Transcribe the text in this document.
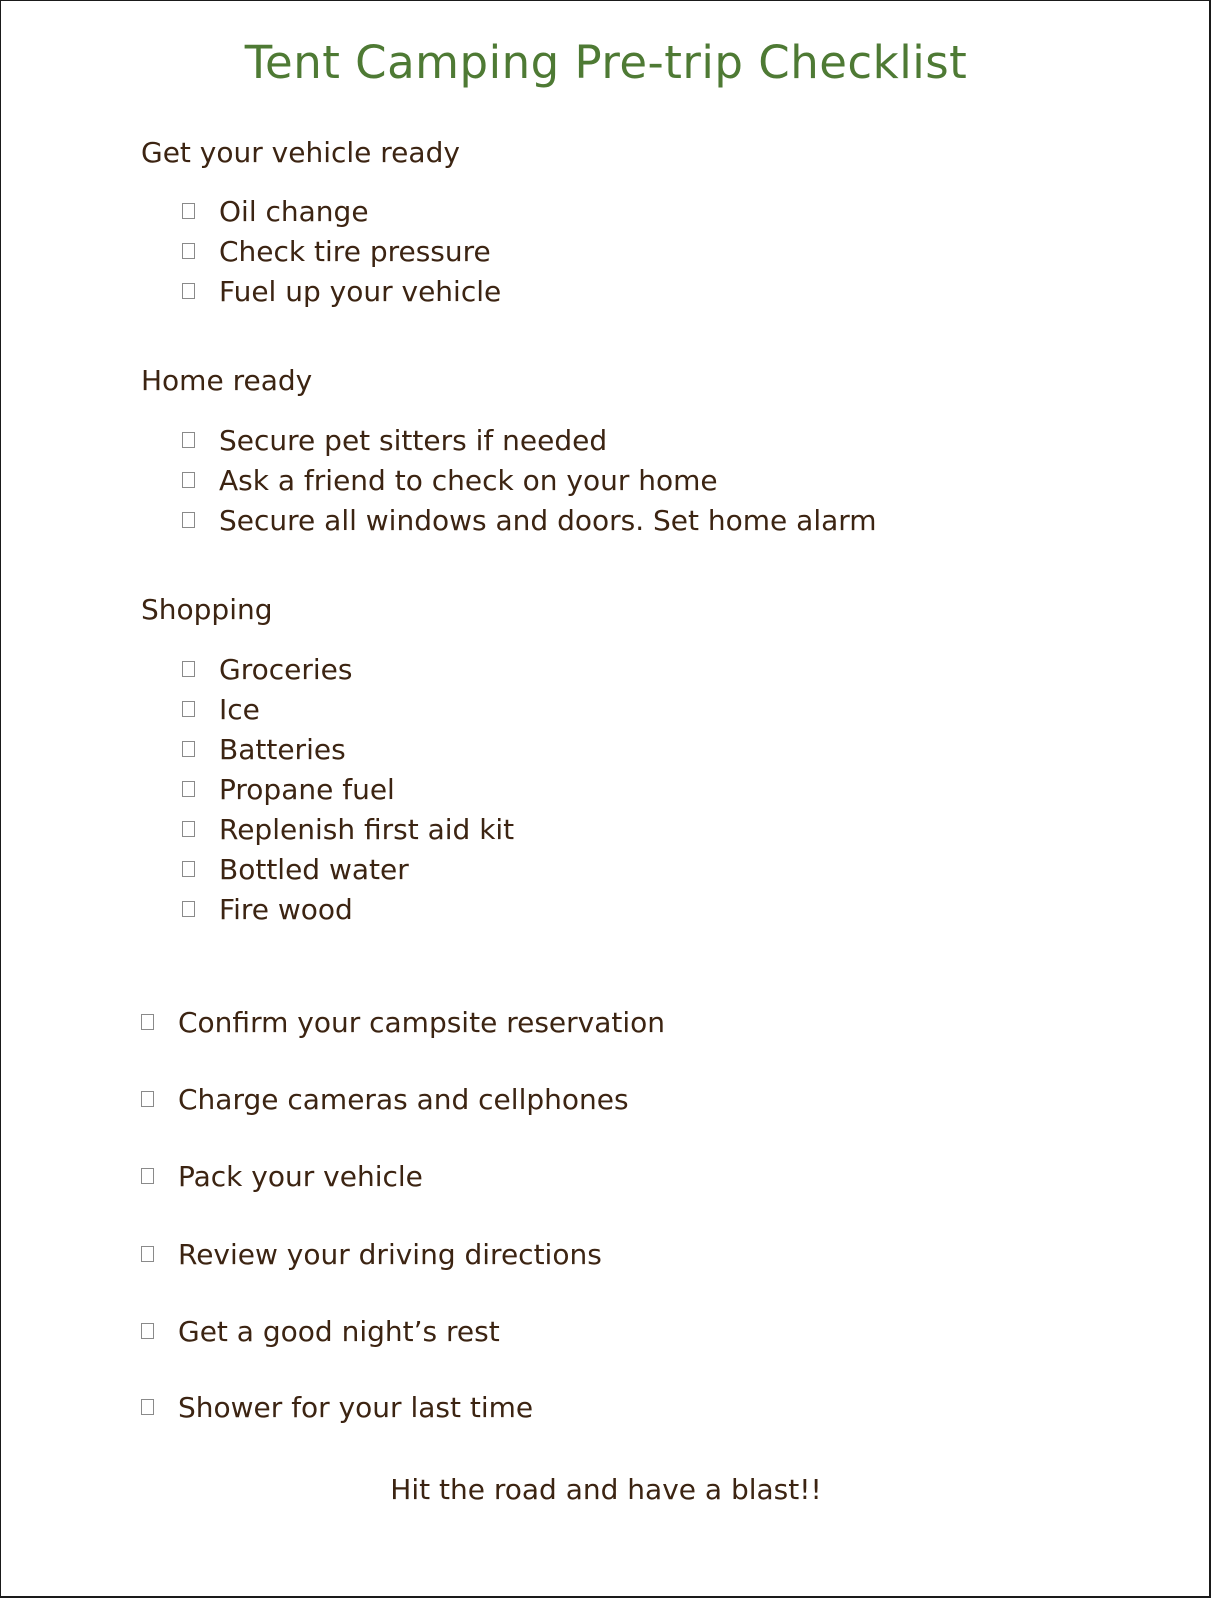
Tent Camping Pre-trip Checklist
Get your vehicle ready
Oil change
Check tire pressure
Fuel up your vehicle
Home ready
Secure pet sitters if needed
Ask a friend to check on your home
Secure all windows and doors. Set home alarm
Shopping
Groceries
Ice
Batteries
Propane fuel
Replenish first aid kit
Bottled water
Fire wood
Confirm your campsite reservation
Charge cameras and cellphones
Pack your vehicle
Review your driving directions
Get a good night’s rest
Shower for your last time
Hit the road and have a blast!!
